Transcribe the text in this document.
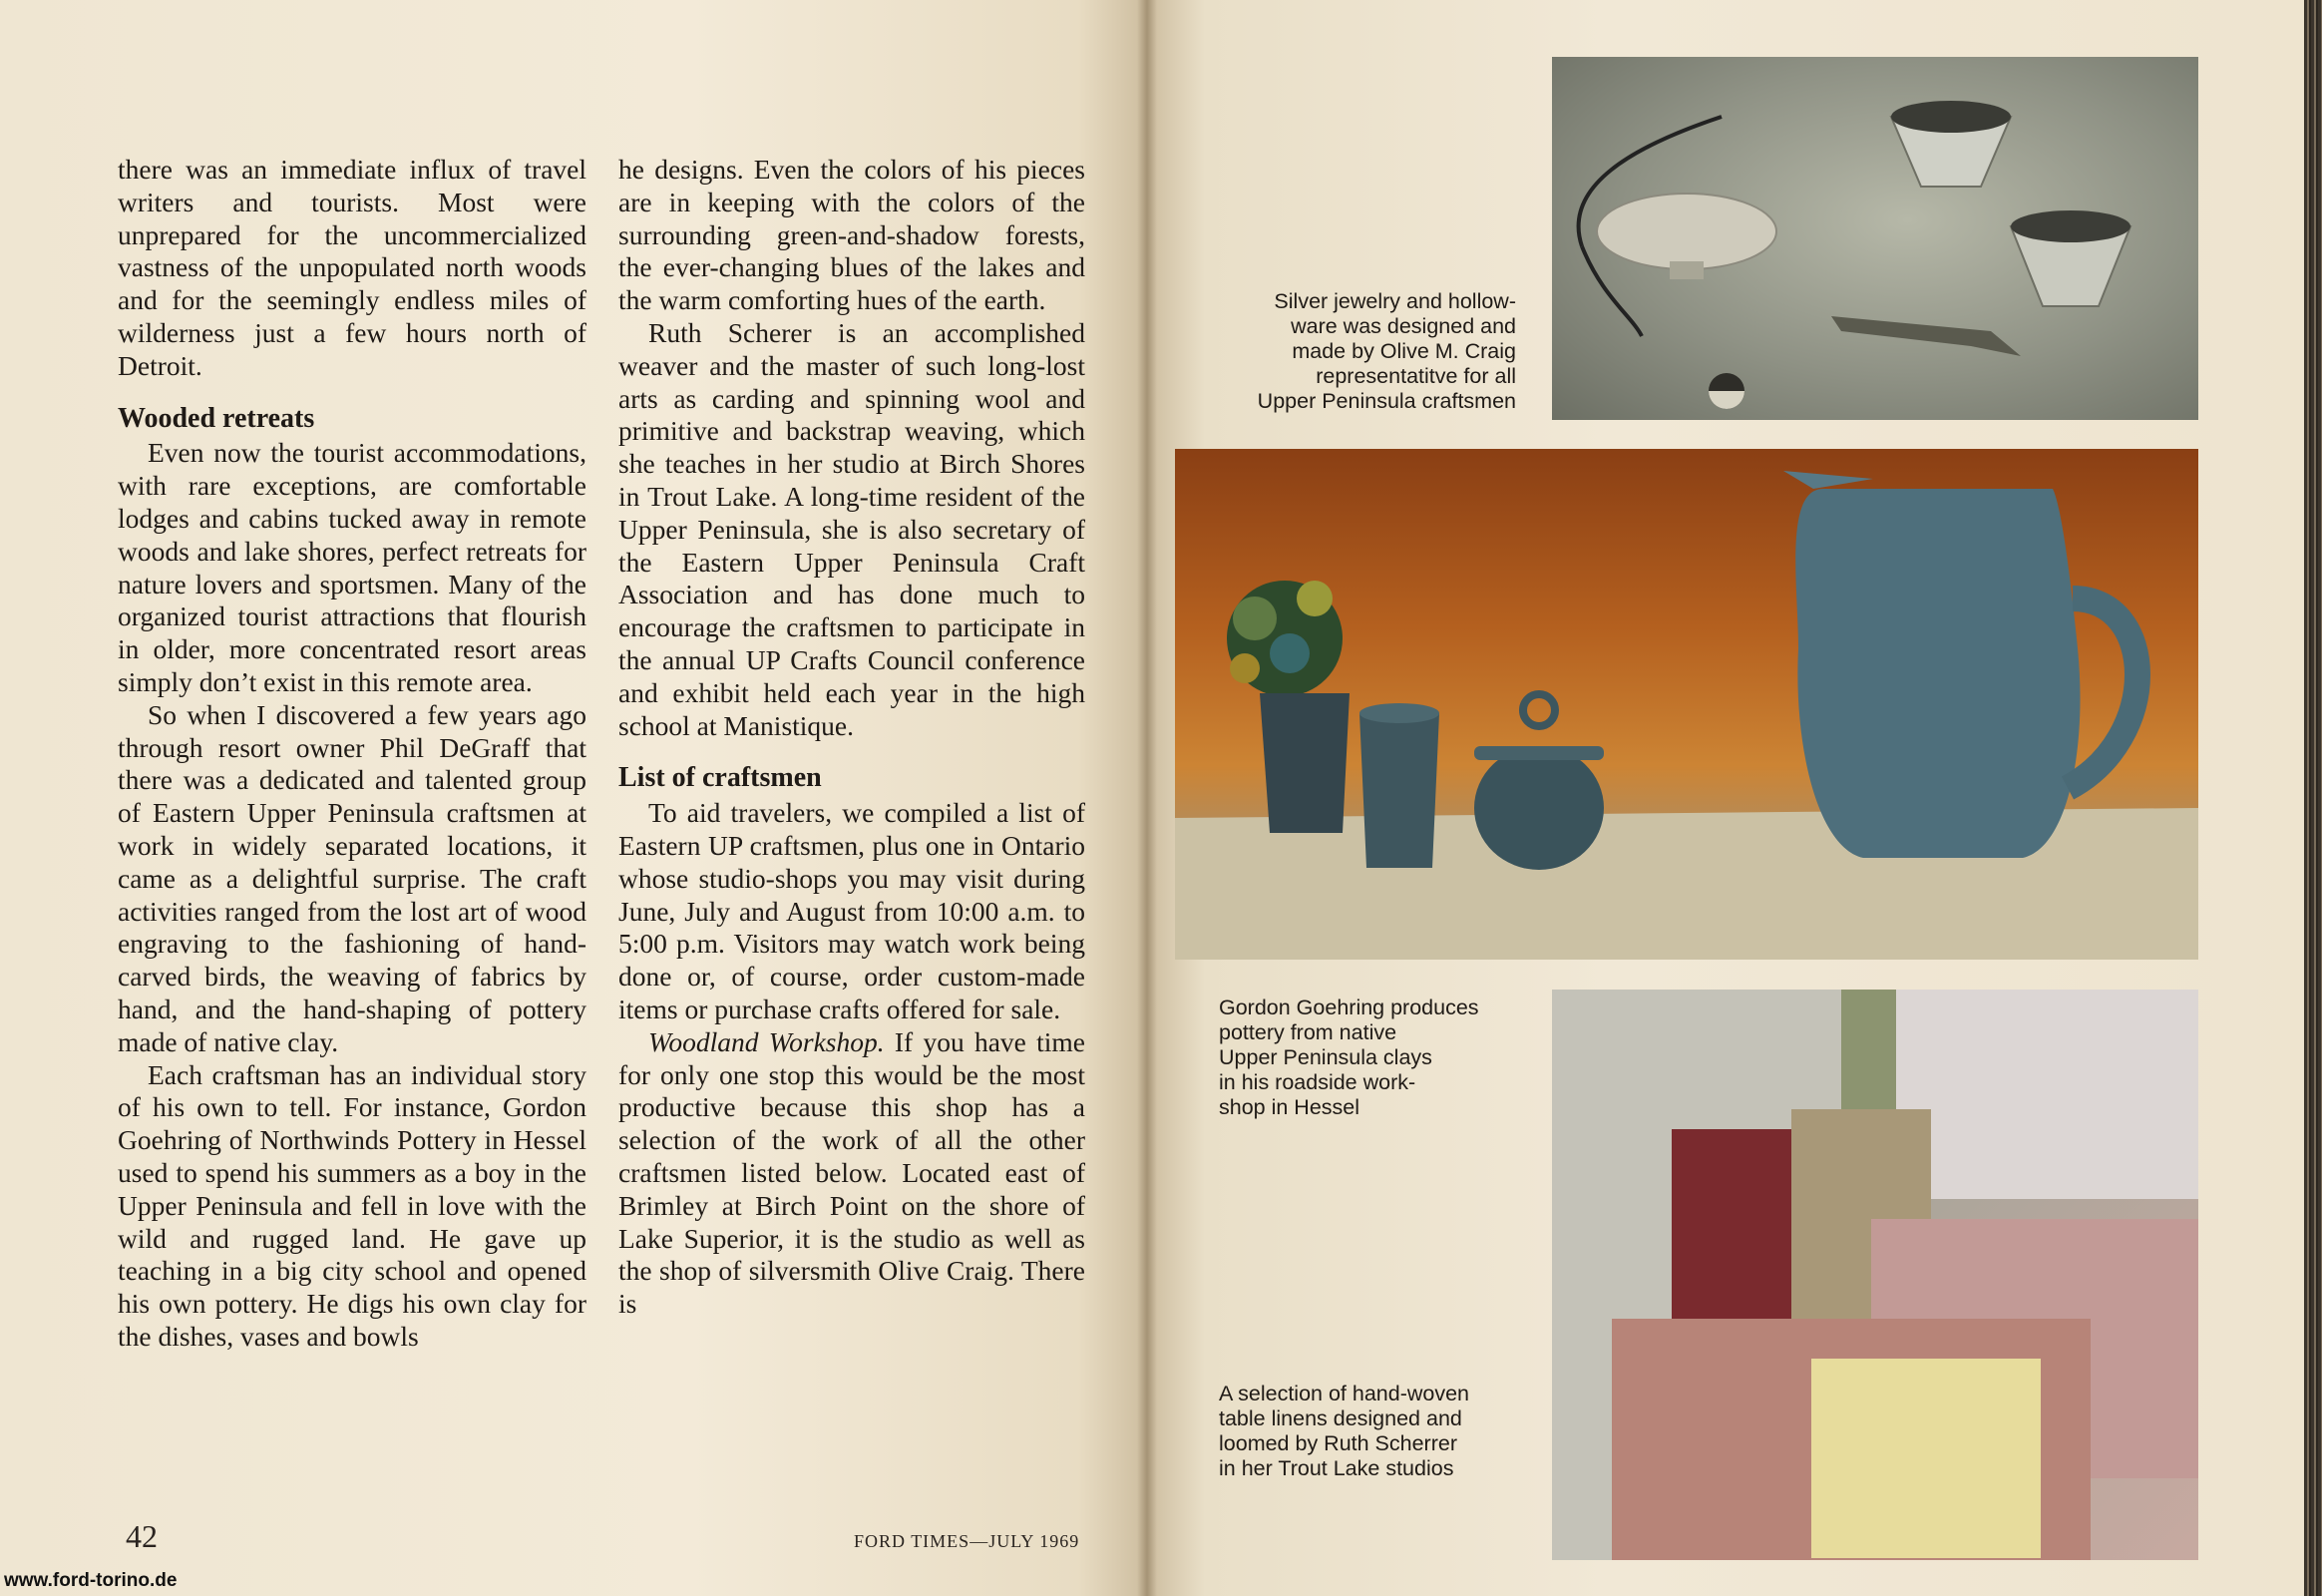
there was an immediate influx of travel writers and tourists. Most were unprepared for the uncommercialized vastness of the unpopulated north woods and for the seemingly endless miles of wilderness just a few hours north of Detroit.

Wooded retreats

Even now the tourist accommodations, with rare exceptions, are comfortable lodges and cabins tucked away in remote woods and lake shores, perfect retreats for nature lovers and sportsmen. Many of the organized tourist attractions that flourish in older, more concentrated resort areas simply don’t exist in this remote area.

So when I discovered a few years ago through resort owner Phil DeGraff that there was a dedicated and talented group of Eastern Upper Peninsula craftsmen at work in widely separated locations, it came as a delightful surprise. The craft activities ranged from the lost art of wood engraving to the fashioning of hand-carved birds, the weaving of fabrics by hand, and the hand-shaping of pottery made of native clay.

Each craftsman has an individual story of his own to tell. For instance, Gordon Goehring of Northwinds Pottery in Hessel used to spend his summers as a boy in the Upper Peninsula and fell in love with the wild and rugged land. He gave up teaching in a big city school and opened his own pottery. He digs his own clay for the dishes, vases and bowls

he designs. Even the colors of his pieces are in keeping with the colors of the surrounding green-and-shadow forests, the ever-changing blues of the lakes and the warm comforting hues of the earth.

Ruth Scherer is an accomplished weaver and the master of such long-lost arts as carding and spinning wool and primitive and backstrap weaving, which she teaches in her studio at Birch Shores in Trout Lake. A long-time resident of the Upper Peninsula, she is also secretary of the Eastern Upper Peninsula Craft Association and has done much to encourage the craftsmen to participate in the annual UP Crafts Council conference and exhibit held each year in the high school at Manistique.

List of craftsmen

To aid travelers, we compiled a list of Eastern UP craftsmen, plus one in Ontario whose studio-shops you may visit during June, July and August from 10:00 a.m. to 5:00 p.m. Visitors may watch work being done or, of course, order custom-made items or purchase crafts offered for sale.

Woodland Workshop. If you have time for only one stop this would be the most productive because this shop has a selection of the work of all the other craftsmen listed below. Located east of Brimley at Birch Point on the shore of Lake Superior, it is the studio as well as the shop of silversmith Olive Craig. There is

42	FORD TIMES—JULY 1969
Silver jewelry and hollow-
ware was designed and
made by Olive M. Craig
representatitve for all
Upper Peninsula craftsmen
Gordon Goehring produces
pottery from native
Upper Peninsula clays
in his roadside work-
shop in Hessel
A selection of hand-woven
table linens designed and
loomed by Ruth Scherrer
in her Trout Lake studios
www.ford-torino.de
